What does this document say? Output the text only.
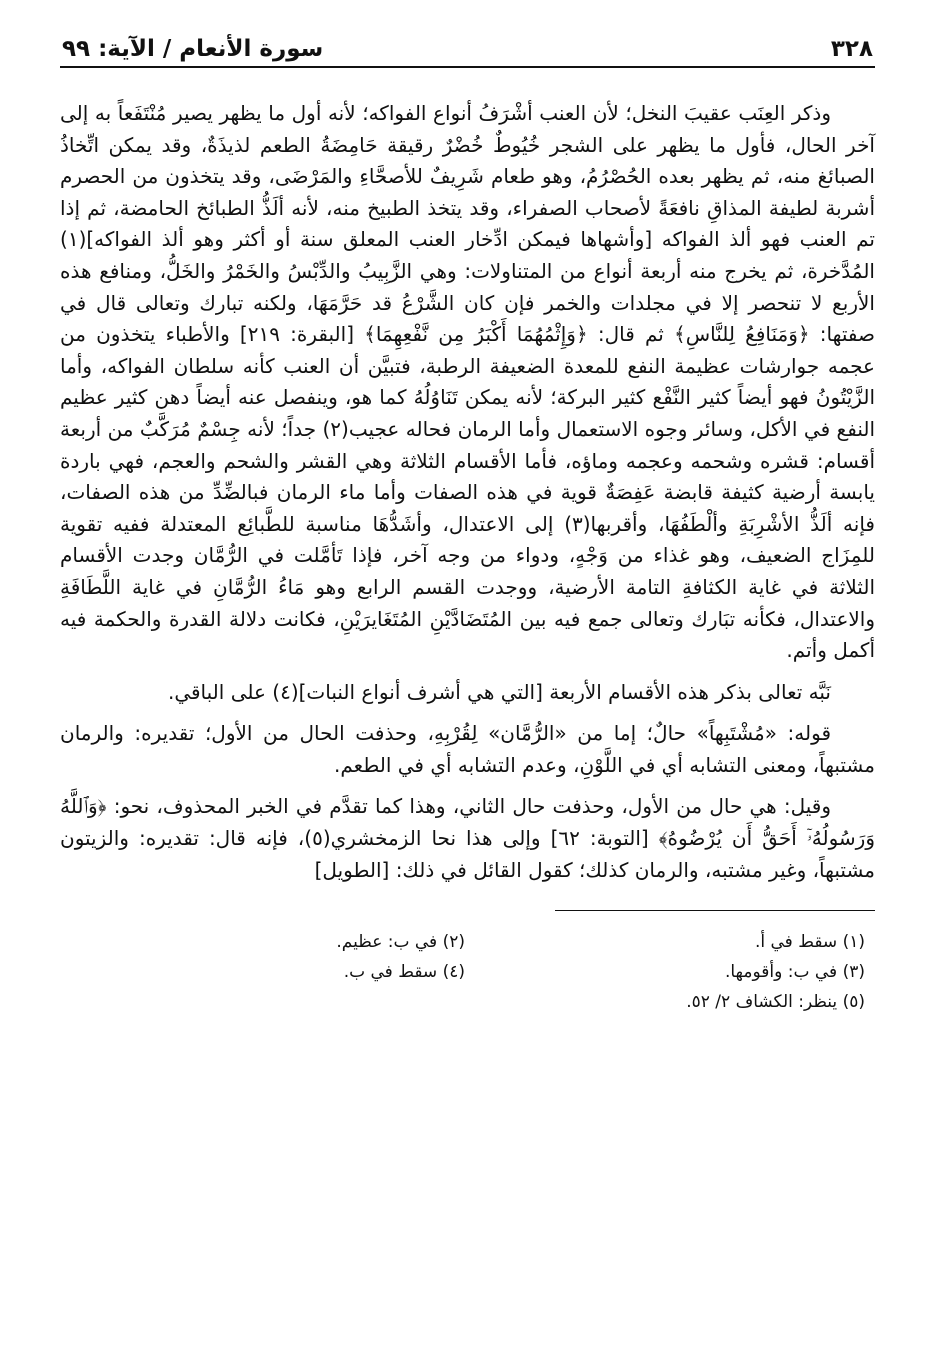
٣٢٨
سورة الأنعام / الآية: ٩٩

وذكر العِنَب عقيبَ النخل؛ لأن العنب أشْرَفُ أنواع الفواكه؛ لأنه أول ما يظهر يصير مُنْتَفَعاً به إلى آخر الحال، فأول ما يظهر على الشجر خُيُوطٌ خُضْرٌ رقيقة حَامِضَةُ الطعم لذيذَةٌ، وقد يمكن اتِّخاذُ الصبائغ منه، ثم يظهر بعده الحُصْرُمُ، وهو طعام شَرِيفٌ للأصحَّاءِ والمَرْضَى، وقد يتخذون من الحصرم أشربة لطيفة المذاقِ نافعَةً لأصحاب الصفراء، وقد يتخذ الطبيخ منه، لأنه ألَذُّ الطبائخ الحامضة، ثم إذا تم العنب فهو ألذ الفواكه [وأشهاها فيمكن ادِّخار العنب المعلق سنة أو أكثر وهو ألذ الفواكه](١) المُدَّخرة، ثم يخرج منه أربعة أنواع من المتناولات: وهي الزَّبِيبُ والدِّبْسُ والخَمْرُ والخَلُّ، ومنافع هذه الأربع لا تنحصر إلا في مجلدات والخمر فإن كان الشَّرْعُ قد حَرَّمَهَا، ولكنه تبارك وتعالى قال في صفتها: ﴿وَمَنَافِعُ لِلنَّاسِ﴾ ثم قال: ﴿وَإِثْمُهُمَا أَكْبَرُ مِن نَّفْعِهِمَا﴾ [البقرة: ٢١٩] والأطباء يتخذون من عجمه جوارشات عظيمة النفع للمعدة الضعيفة الرطبة، فتبيَّن أن العنب كأنه سلطان الفواكه، وأما الزَّيْتُونُ فهو أيضاً كثير النَّفْع كثير البركة؛ لأنه يمكن تَنَاوُلُهُ كما هو، وينفصل عنه أيضاً دهن كثير عظيم النفع في الأكل، وسائر وجوه الاستعمال وأما الرمان فحاله عجيب(٢) جداً؛ لأنه جِسْمٌ مُرَكَّبٌ من أربعة أقسام: قشره وشحمه وعجمه وماؤه، فأما الأقسام الثلاثة وهي القشر والشحم والعجم، فهي باردة يابسة أرضية كثيفة قابضة عَفِصَةٌ قوية في هذه الصفات وأما ماء الرمان فبالضِّدِّ من هذه الصفات، فإنه ألَذُّ الأشْرِبَةِ وألْطَفُهَا، وأقربها(٣) إلى الاعتدال، وأشَدُّهَا مناسبة للطَّبائِع المعتدلة ففيه تقوية للمِزَاج الضعيف، وهو غذاء من وَجْهٍ، ودواء من وجه آخر، فإذا تَأمَّلت في الرُّمَّان وجدت الأقسام الثلاثة في غاية الكثافةِ التامة الأرضية، ووجدت القسم الرابع وهو مَاءُ الرُّمَّانِ في غاية اللَّطَافَةِ والاعتدال، فكأنه تبَارك وتعالى جمع فيه بين المُتَضَادَّيْنِ المُتَغَايرَيْنِ، فكانت دلالة القدرة والحكمة فيه أكمل وأتم.

نَبَّه تعالى بذكر هذه الأقسام الأربعة [التي هي أشرف أنواع النبات](٤) على الباقي.

قوله: «مُشْتَبِهاً» حالٌ؛ إما من «الرُّمَّان» لِقُرْبِهِ، وحذفت الحال من الأول؛ تقديره: والرمان مشتبهاً، ومعنى التشابه أي في اللَّوْنِ، وعدم التشابه أي في الطعم.

وقيل: هي حال من الأول، وحذفت حال الثاني، وهذا كما تقدَّم في الخبر المحذوف، نحو: ﴿وَٱللَّهُ وَرَسُولُهُۥٓ أَحَقُّ أَن يُرْضُوهُ﴾ [التوبة: ٦٢] وإلى هذا نحا الزمخشري(٥)، فإنه قال: تقديره: والزيتون مشتبهاً، وغير مشتبه، والرمان كذلك؛ كقول القائل في ذلك: [الطويل]

(١) سقط في أ.
(٢) في ب: عظيم.
(٣) في ب: وأقومها.
(٤) سقط في ب.
(٥) ينظر: الكشاف ٢/ ٥٢.
